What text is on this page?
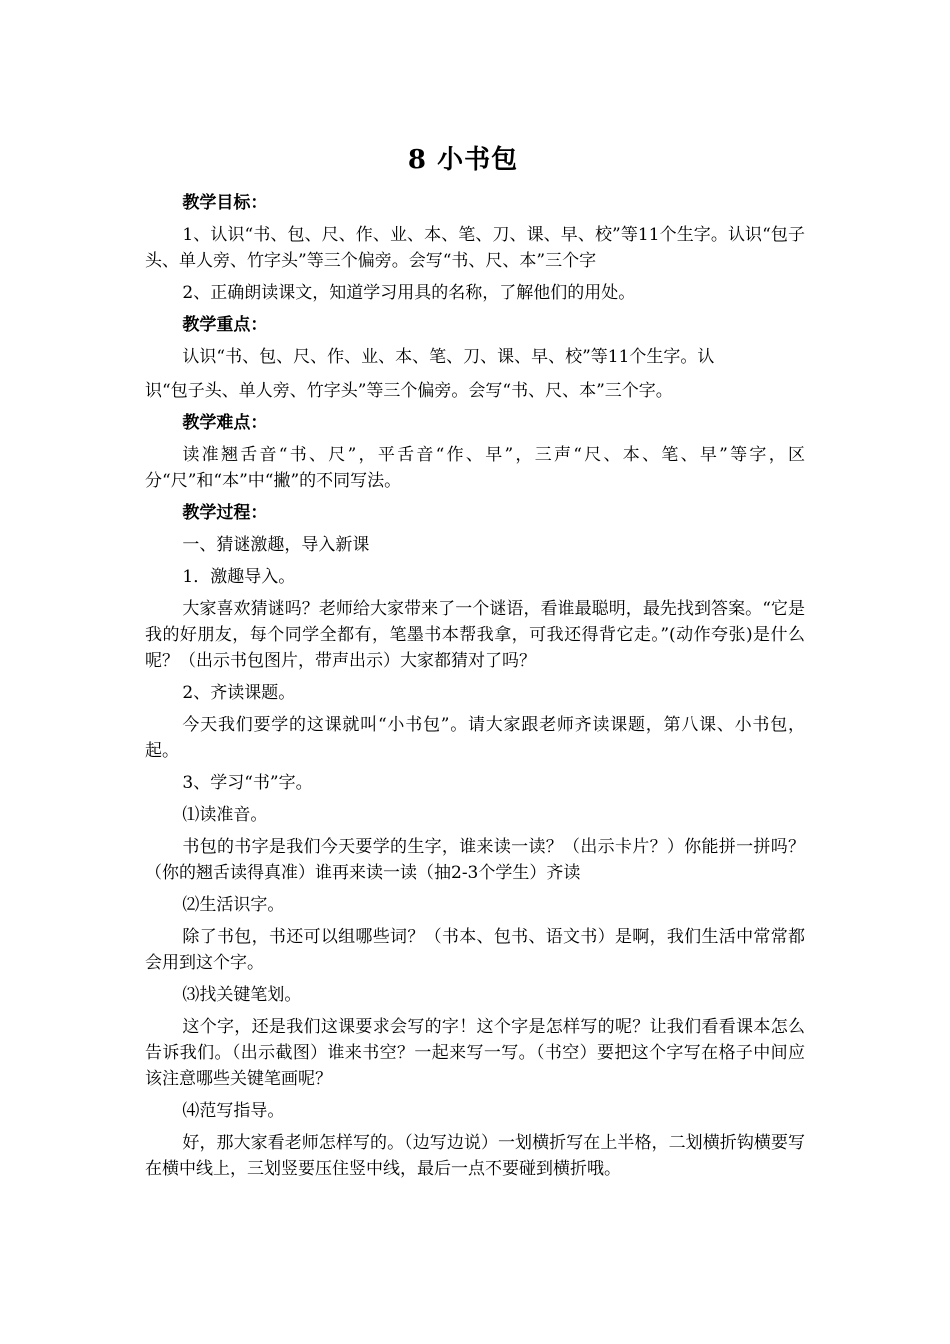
8 小书包

教学目标：

1、认识“书、包、尺、作、业、本、笔、刀、课、早、校”等11个生字。认识“包子头、单人旁、竹字头”等三个偏旁。会写“书、尺、本”三个字

2、正确朗读课文，知道学习用具的名称，了解他们的用处。

教学重点：

认识“书、包、尺、作、业、本、笔、刀、课、早、校”等11个生字。认

识“包子头、单人旁、竹字头”等三个偏旁。会写“书、尺、本”三个字。

教学难点：

读准翘舌音“书、尺”，平舌音“作、早”，三声“尺、本、笔、早”等字，区分“尺”和“本”中“撇”的不同写法。

教学过程：

一、猜谜激趣，导入新课

1．激趣导入。

大家喜欢猜谜吗？老师给大家带来了一个谜语，看谁最聪明，最先找到答案。“它是我的好朋友，每个同学全都有，笔墨书本帮我拿，可我还得背它走。”(动作夸张)是什么呢？（出示书包图片，带声出示）大家都猜对了吗？

2、齐读课题。

今天我们要学的这课就叫“小书包”。请大家跟老师齐读课题，第八课、小书包，起。

3、学习“书”字。

⑴读准音。

书包的书字是我们今天要学的生字，谁来读一读？（出示卡片？）你能拼一拼吗？（你的翘舌读得真准）谁再来读一读（抽2-3个学生）齐读

⑵生活识字。

除了书包，书还可以组哪些词？（书本、包书、语文书）是啊，我们生活中常常都会用到这个字。

⑶找关键笔划。

这个字，还是我们这课要求会写的字！这个字是怎样写的呢？让我们看看课本怎么告诉我们。（出示截图）谁来书空？一起来写一写。（书空）要把这个字写在格子中间应该注意哪些关键笔画呢？

⑷范写指导。

好，那大家看老师怎样写的。（边写边说）一划横折写在上半格，二划横折钩横要写在横中线上，三划竖要压住竖中线，最后一点不要碰到横折哦。
